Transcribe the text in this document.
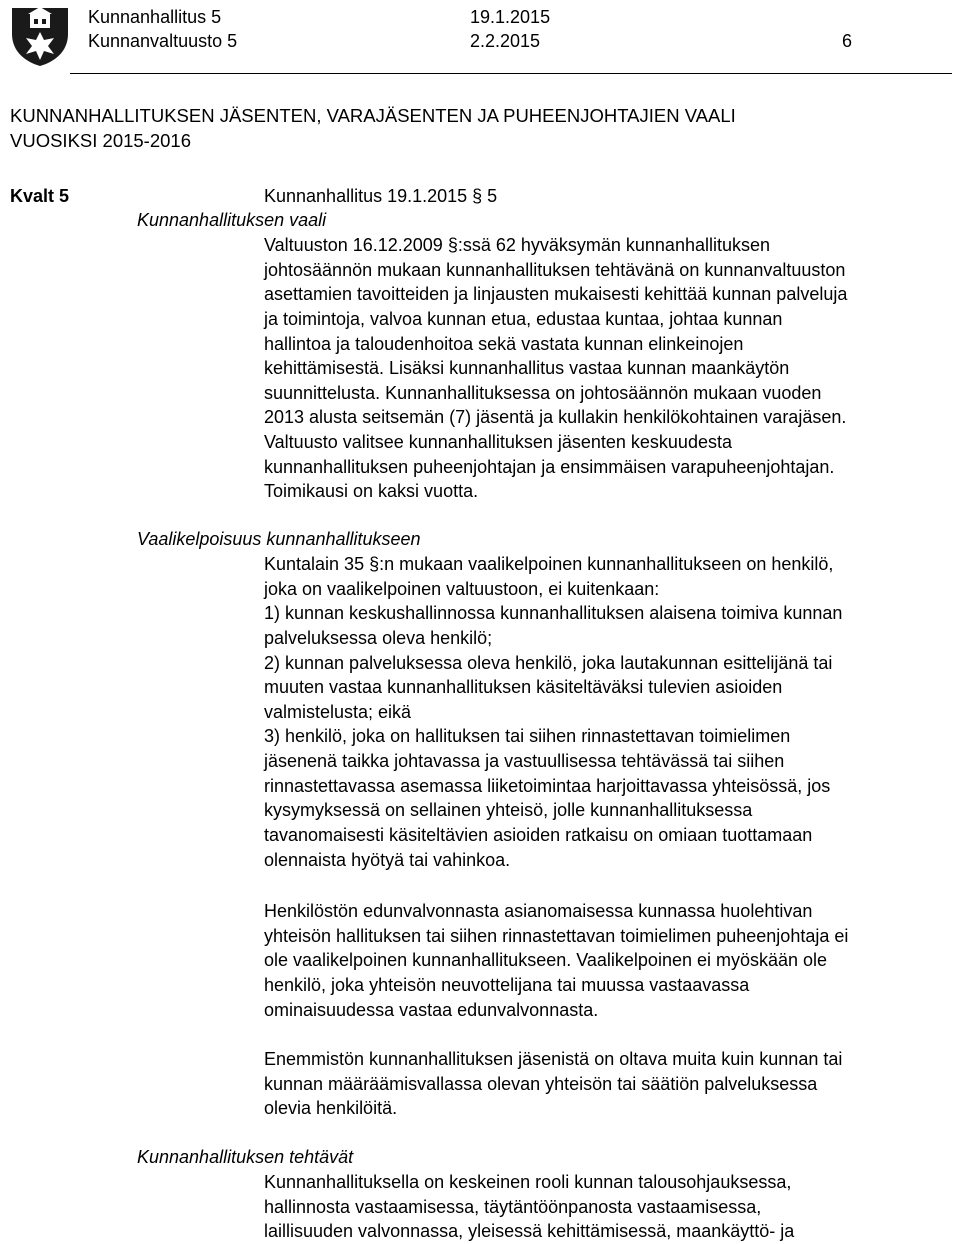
Kunnanhallitus 5	19.1.2015
Kunnanvaltuusto 5	2.2.2015	6
KUNNANHALLITUKSEN JÄSENTEN, VARAJÄSENTEN JA PUHEENJOHTAJIEN VAALI
VUOSIKSI 2015-2016
Kvalt 5	Kunnanhallitus 19.1.2015 § 5
Kunnanhallituksen vaali
Valtuuston 16.12.2009 §:ssä 62 hyväksymän kunnanhallituksen
johtosäännön mukaan kunnanhallituksen tehtävänä on kunnanvaltuuston
asettamien tavoitteiden ja linjausten mukaisesti kehittää kunnan palveluja
ja toimintoja, valvoa kunnan etua, edustaa kuntaa, johtaa kunnan
hallintoa ja taloudenhoitoa sekä vastata kunnan elinkeinojen
kehittämisestä. Lisäksi kunnanhallitus vastaa kunnan maankäytön
suunnittelusta. Kunnanhallituksessa on johtosäännön mukaan vuoden
2013 alusta seitsemän (7) jäsentä ja kullakin henkilökohtainen varajäsen.
Valtuusto valitsee kunnanhallituksen jäsenten keskuudesta
kunnanhallituksen puheenjohtajan ja ensimmäisen varapuheenjohtajan.
Toimikausi on kaksi vuotta.
Vaalikelpoisuus kunnanhallitukseen
Kuntalain 35 §:n mukaan vaalikelpoinen kunnanhallitukseen on henkilö,
joka on vaalikelpoinen valtuustoon, ei kuitenkaan:
1) kunnan keskushallinnossa kunnanhallituksen alaisena toimiva kunnan
palveluksessa oleva henkilö;
2) kunnan palveluksessa oleva henkilö, joka lautakunnan esittelijänä tai
muuten vastaa kunnanhallituksen käsiteltäväksi tulevien asioiden
valmistelusta; eikä
3) henkilö, joka on hallituksen tai siihen rinnastettavan toimielimen
jäsenenä taikka johtavassa ja vastuullisessa tehtävässä tai siihen
rinnastettavassa asemassa liiketoimintaa harjoittavassa yhteisössä, jos
kysymyksessä on sellainen yhteisö, jolle kunnanhallituksessa
tavanomaisesti käsiteltävien asioiden ratkaisu on omiaan tuottamaan
olennaista hyötyä tai vahinkoa.
Henkilöstön edunvalvonnasta asianomaisessa kunnassa huolehtivan
yhteisön hallituksen tai siihen rinnastettavan toimielimen puheenjohtaja ei
ole vaalikelpoinen kunnanhallitukseen. Vaalikelpoinen ei myöskään ole
henkilö, joka yhteisön neuvottelijana tai muussa vastaavassa
ominaisuudessa vastaa edunvalvonnasta.
Enemmistön kunnanhallituksen jäsenistä on oltava muita kuin kunnan tai
kunnan määräämisvallassa olevan yhteisön tai säätiön palveluksessa
olevia henkilöitä.
Kunnanhallituksen tehtävät
Kunnanhallituksella on keskeinen rooli kunnan talousohjauksessa,
hallinnosta vastaamisessa, täytäntöönpanosta vastaamisessa,
laillisuuden valvonnassa, yleisessä kehittämisessä, maankäyttö- ja
